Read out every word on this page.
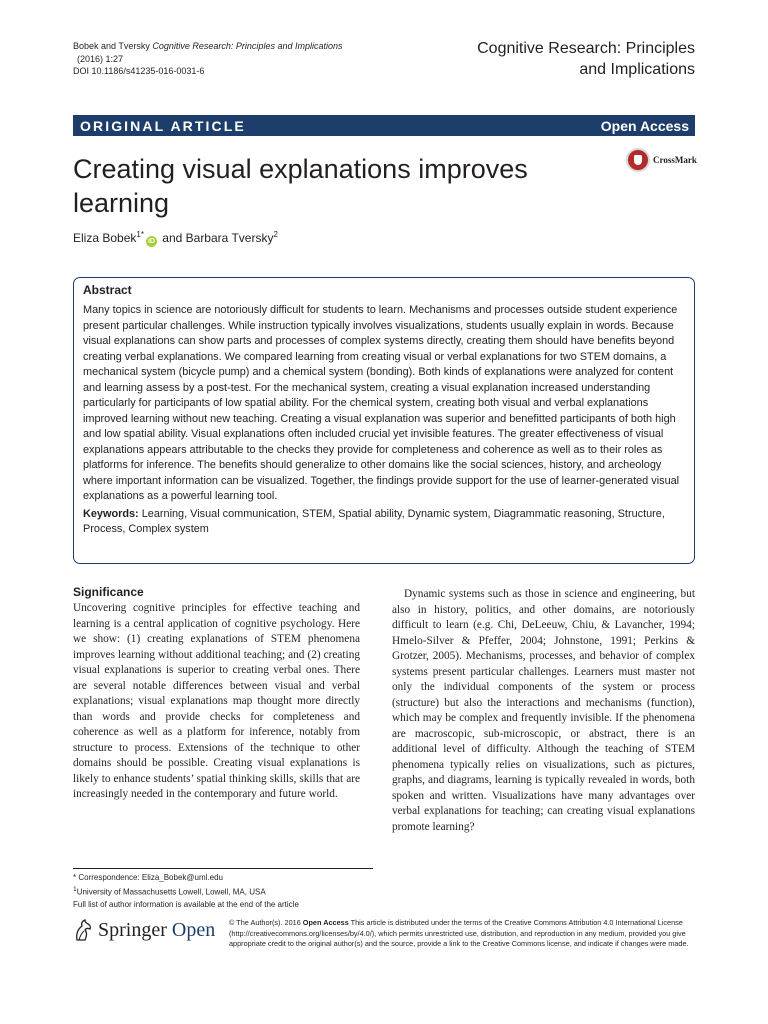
Bobek and Tversky Cognitive Research: Principles and Implications
(2016) 1:27
DOI 10.1186/s41235-016-0031-6
Cognitive Research: Principles
and Implications
ORIGINAL ARTICLE	Open Access
Creating visual explanations improves learning
CrossMark
Eliza Bobek$^{1*}$iD and Barbara Tversky$^2$
Abstract

Many topics in science are notoriously difficult for students to learn. Mechanisms and processes outside student experience present particular challenges. While instruction typically involves visualizations, students usually explain in words. Because visual explanations can show parts and processes of complex systems directly, creating them should have benefits beyond creating verbal explanations. We compared learning from creating visual or verbal explanations for two STEM domains, a mechanical system (bicycle pump) and a chemical system (bonding). Both kinds of explanations were analyzed for content and learning assess by a post-test. For the mechanical system, creating a visual explanation increased understanding particularly for participants of low spatial ability. For the chemical system, creating both visual and verbal explanations improved learning without new teaching. Creating a visual explanation was superior and benefitted participants of both high and low spatial ability. Visual explanations often included crucial yet invisible features. The greater effectiveness of visual explanations appears attributable to the checks they provide for completeness and coherence as well as to their roles as platforms for inference. The benefits should generalize to other domains like the social sciences, history, and archeology where important information can be visualized. Together, the findings provide support for the use of learner-generated visual explanations as a powerful learning tool.

Keywords: Learning, Visual communication, STEM, Spatial ability, Dynamic system, Diagrammatic reasoning, Structure, Process, Complex system
Significance

Uncovering cognitive principles for effective teaching and learning is a central application of cognitive psychology. Here we show: (1) creating explanations of STEM phenomena improves learning without additional teaching; and (2) creating visual explanations is superior to creating verbal ones. There are several notable differences between visual and verbal explanations; visual explanations map thought more directly than words and provide checks for completeness and coherence as well as a platform for inference, notably from structure to process. Extensions of the technique to other domains should be possible. Creating visual explanations is likely to enhance students’ spatial thinking skills, skills that are increasingly needed in the contemporary and future world.

Dynamic systems such as those in science and engineering, but also in history, politics, and other domains, are notoriously difficult to learn (e.g. Chi, DeLeeuw, Chiu, & Lavancher, 1994; Hmelo-Silver & Pfeffer, 2004; Johnstone, 1991; Perkins & Grotzer, 2005). Mechanisms, processes, and behavior of complex systems present particular challenges. Learners must master not only the individual components of the system or process (structure) but also the interactions and mechanisms (function), which may be complex and frequently invisible. If the phenomena are macroscopic, sub-microscopic, or abstract, there is an additional level of difficulty. Although the teaching of STEM phenomena typically relies on visualizations, such as pictures, graphs, and diagrams, learning is typically revealed in words, both spoken and written. Visualizations have many advantages over verbal explanations for teaching; can creating visual explanations promote learning?

* Correspondence: Eliza_Bobek@uml.edu
$^1$University of Massachusetts Lowell, Lowell, MA, USA
Full list of author information is available at the end of the article
Springer Open © The Author(s). 2016 Open Access This article is distributed under the terms of the Creative Commons Attribution 4.0 International License (http://creativecommons.org/licenses/by/4.0/), which permits unrestricted use, distribution, and reproduction in any medium, provided you give appropriate credit to the original author(s) and the source, provide a link to the Creative Commons license, and indicate if changes were made.
